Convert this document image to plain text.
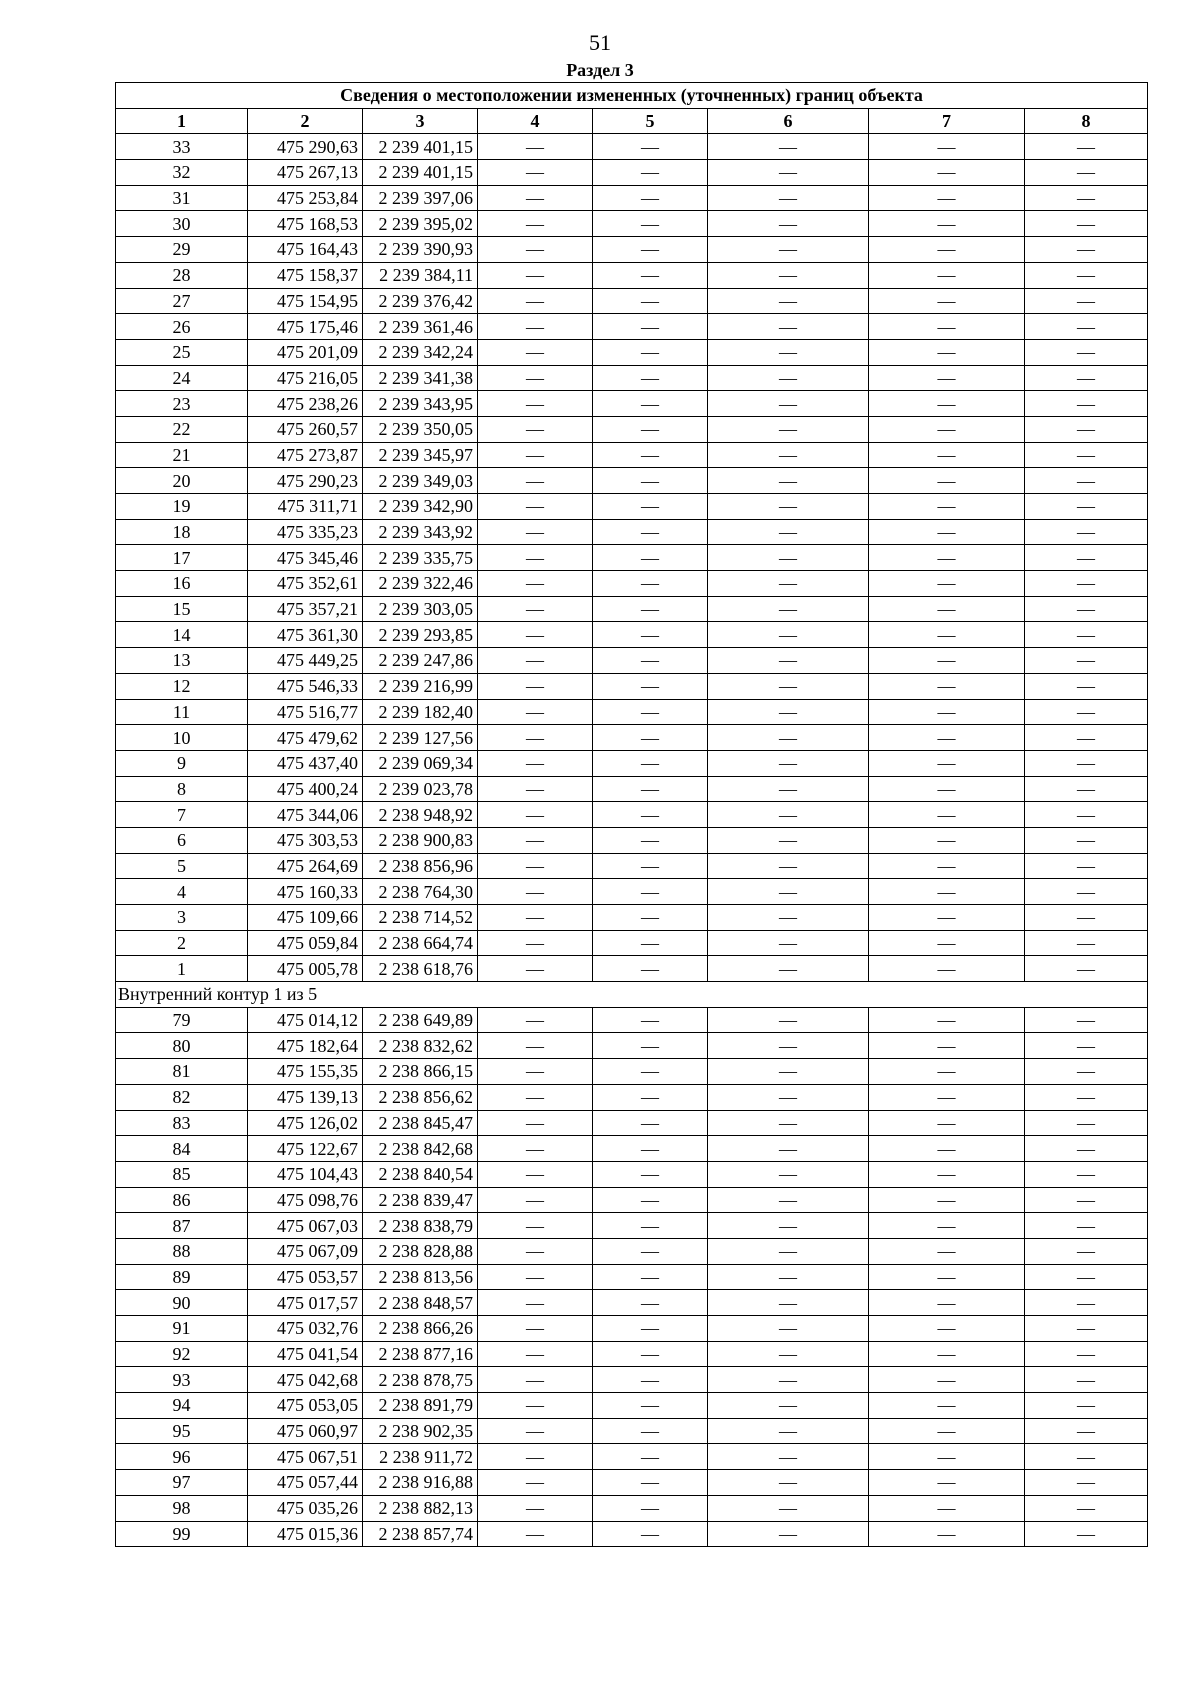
51
Раздел 3
Сведения о местоположении измененных (уточненных) границ объекта							
1	2	3	4	5	6	7	8
33	475 290,63	2 239 401,15	—	—	—	—	—
32	475 267,13	2 239 401,15	—	—	—	—	—
31	475 253,84	2 239 397,06	—	—	—	—	—
30	475 168,53	2 239 395,02	—	—	—	—	—
29	475 164,43	2 239 390,93	—	—	—	—	—
28	475 158,37	2 239 384,11	—	—	—	—	—
27	475 154,95	2 239 376,42	—	—	—	—	—
26	475 175,46	2 239 361,46	—	—	—	—	—
25	475 201,09	2 239 342,24	—	—	—	—	—
24	475 216,05	2 239 341,38	—	—	—	—	—
23	475 238,26	2 239 343,95	—	—	—	—	—
22	475 260,57	2 239 350,05	—	—	—	—	—
21	475 273,87	2 239 345,97	—	—	—	—	—
20	475 290,23	2 239 349,03	—	—	—	—	—
19	475 311,71	2 239 342,90	—	—	—	—	—
18	475 335,23	2 239 343,92	—	—	—	—	—
17	475 345,46	2 239 335,75	—	—	—	—	—
16	475 352,61	2 239 322,46	—	—	—	—	—
15	475 357,21	2 239 303,05	—	—	—	—	—
14	475 361,30	2 239 293,85	—	—	—	—	—
13	475 449,25	2 239 247,86	—	—	—	—	—
12	475 546,33	2 239 216,99	—	—	—	—	—
11	475 516,77	2 239 182,40	—	—	—	—	—
10	475 479,62	2 239 127,56	—	—	—	—	—
9	475 437,40	2 239 069,34	—	—	—	—	—
8	475 400,24	2 239 023,78	—	—	—	—	—
7	475 344,06	2 238 948,92	—	—	—	—	—
6	475 303,53	2 238 900,83	—	—	—	—	—
5	475 264,69	2 238 856,96	—	—	—	—	—
4	475 160,33	2 238 764,30	—	—	—	—	—
3	475 109,66	2 238 714,52	—	—	—	—	—
2	475 059,84	2 238 664,74	—	—	—	—	—
1	475 005,78	2 238 618,76	—	—	—	—	—
Внутренний контур 1 из 5							
79	475 014,12	2 238 649,89	—	—	—	—	—
80	475 182,64	2 238 832,62	—	—	—	—	—
81	475 155,35	2 238 866,15	—	—	—	—	—
82	475 139,13	2 238 856,62	—	—	—	—	—
83	475 126,02	2 238 845,47	—	—	—	—	—
84	475 122,67	2 238 842,68	—	—	—	—	—
85	475 104,43	2 238 840,54	—	—	—	—	—
86	475 098,76	2 238 839,47	—	—	—	—	—
87	475 067,03	2 238 838,79	—	—	—	—	—
88	475 067,09	2 238 828,88	—	—	—	—	—
89	475 053,57	2 238 813,56	—	—	—	—	—
90	475 017,57	2 238 848,57	—	—	—	—	—
91	475 032,76	2 238 866,26	—	—	—	—	—
92	475 041,54	2 238 877,16	—	—	—	—	—
93	475 042,68	2 238 878,75	—	—	—	—	—
94	475 053,05	2 238 891,79	—	—	—	—	—
95	475 060,97	2 238 902,35	—	—	—	—	—
96	475 067,51	2 238 911,72	—	—	—	—	—
97	475 057,44	2 238 916,88	—	—	—	—	—
98	475 035,26	2 238 882,13	—	—	—	—	—
99	475 015,36	2 238 857,74	—	—	—	—	—
